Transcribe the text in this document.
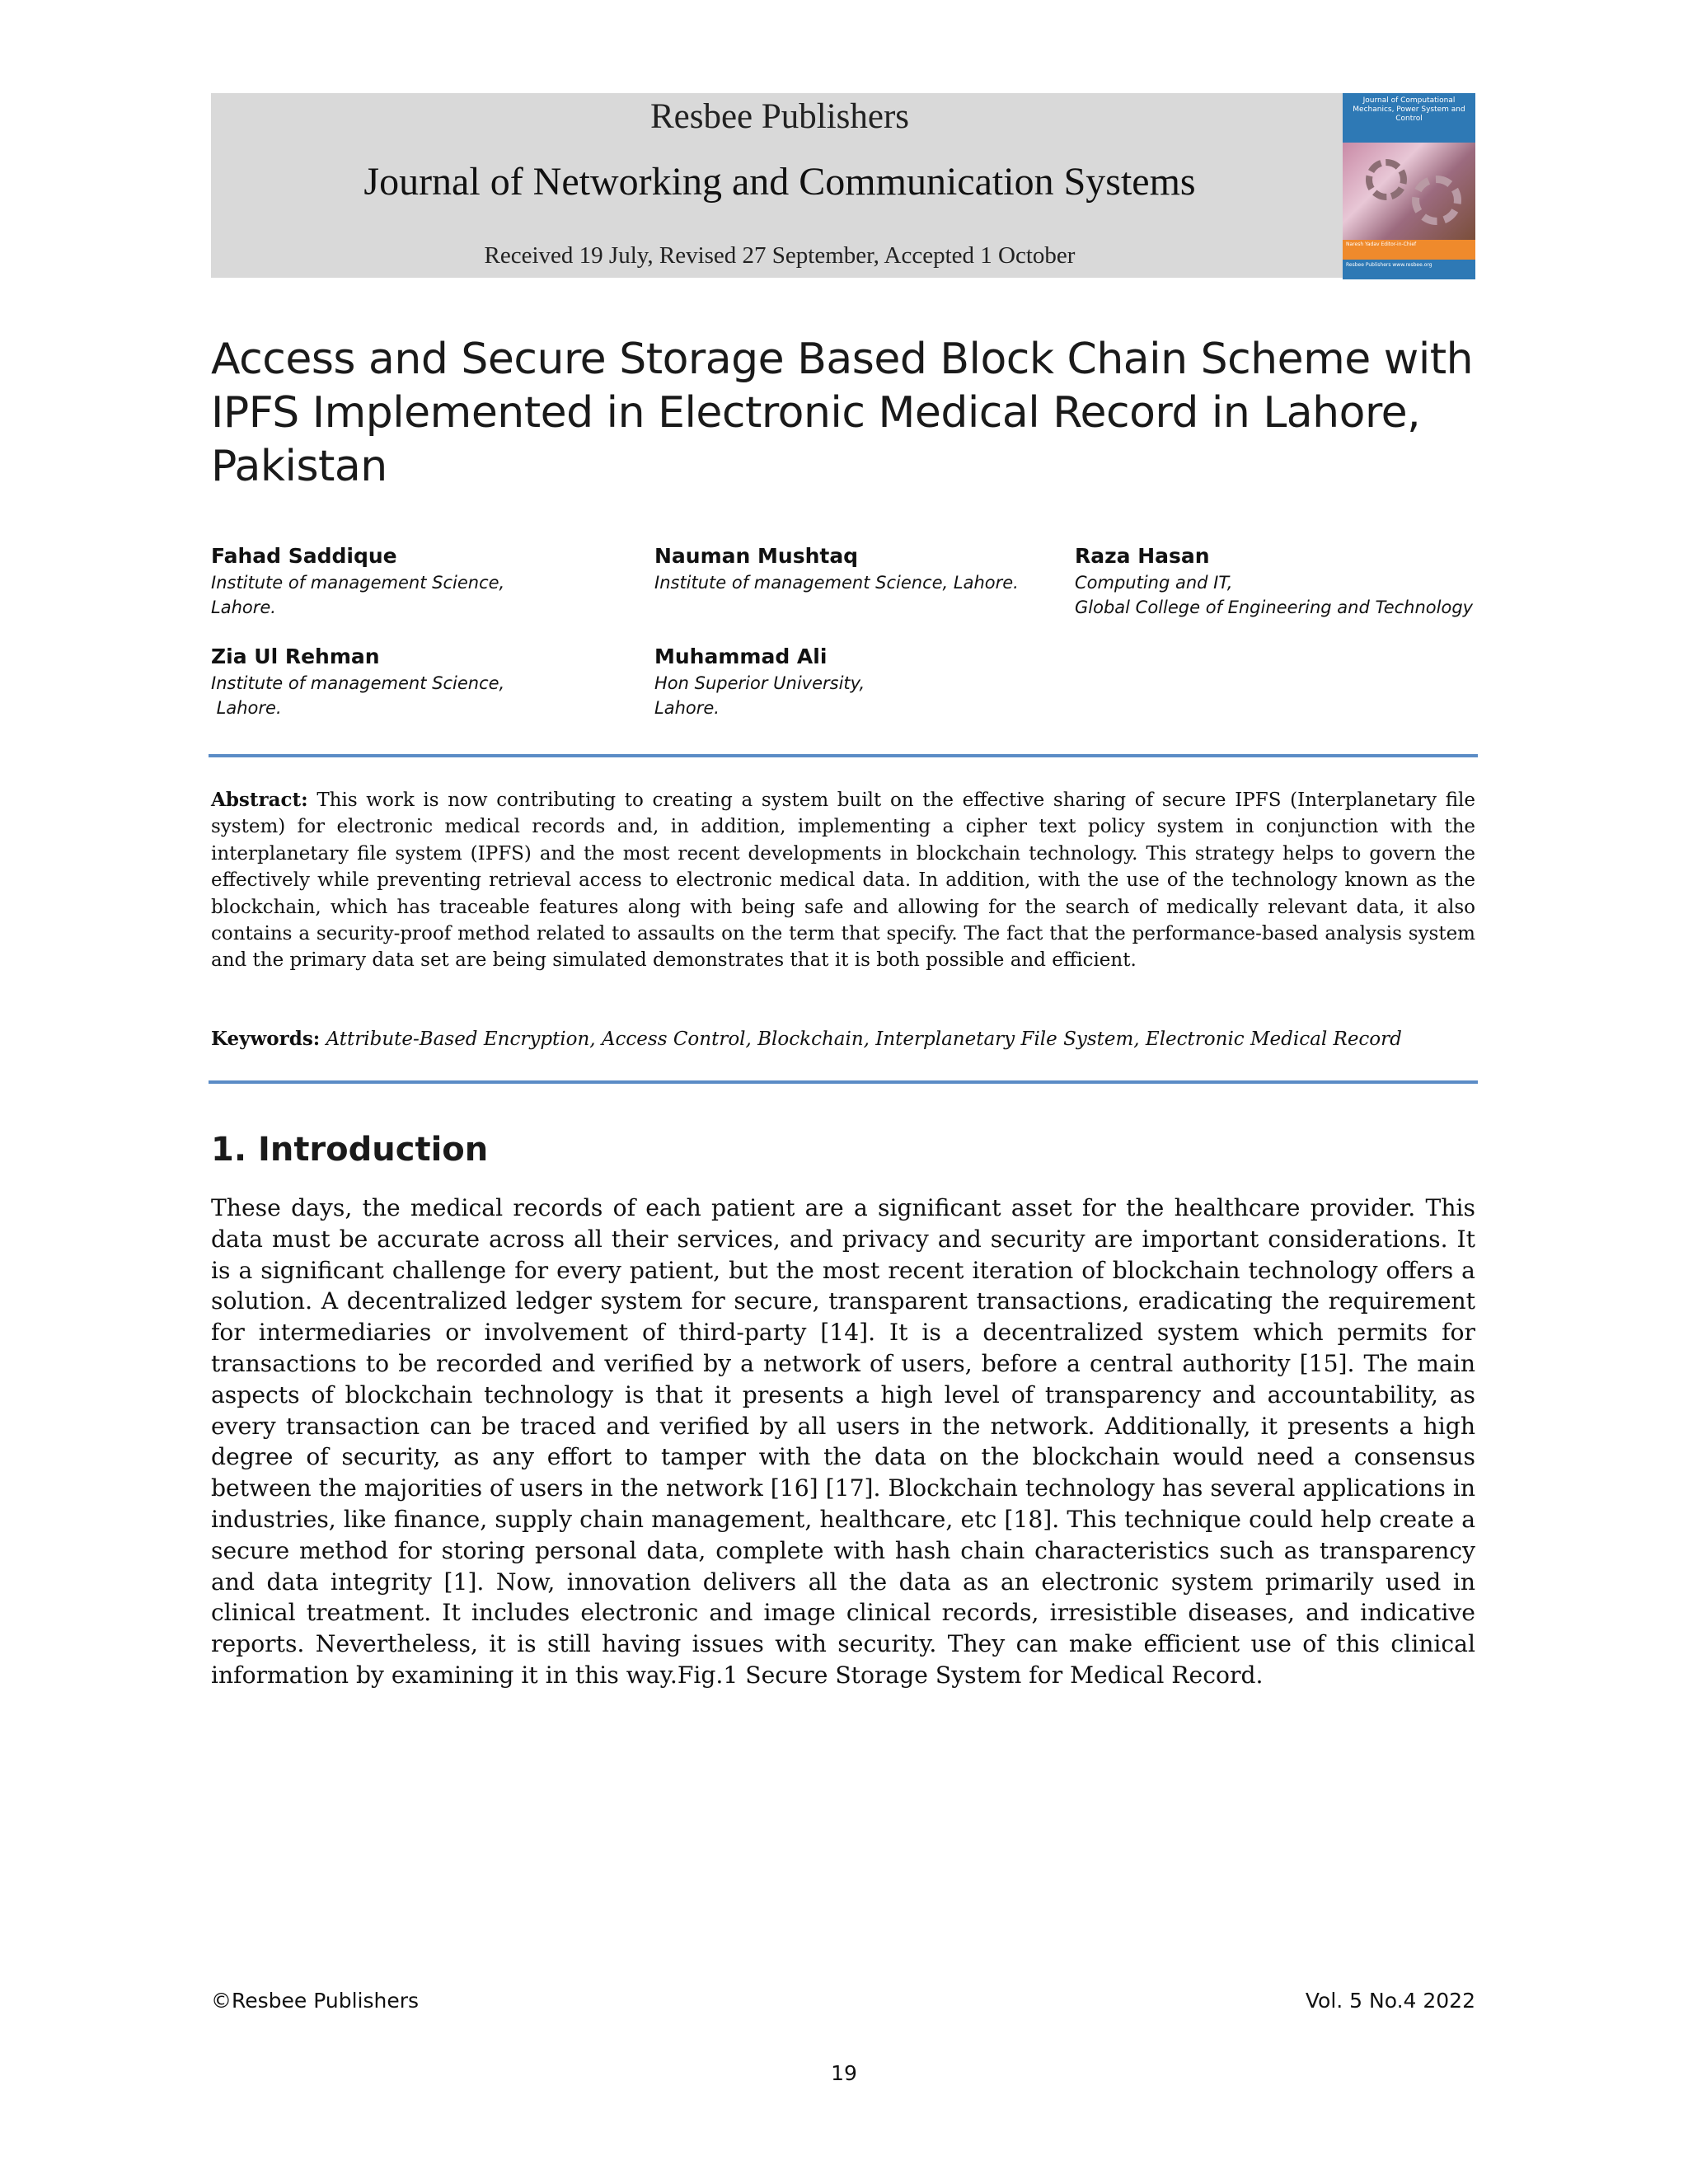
Resbee Publishers
Journal of Networking and Communication Systems
Received 19 July, Revised 27 September, Accepted 1 October
Journal of Computational Mechanics, Power System and Control
Naresh Yadav Editor-in-Chief
Resbee Publishers www.resbee.org
Access and Secure Storage Based Block Chain Scheme with IPFS Implemented in Electronic Medical Record in Lahore, Pakistan
Fahad Saddique
Institute of management Science,
Lahore.
Nauman Mushtaq
Institute of management Science, Lahore.
Raza Hasan
Computing and IT,
Global College of Engineering and Technology
Zia Ul Rehman
Institute of management Science,
Lahore.
Muhammad Ali
Hon Superior University,
Lahore.
Abstract: This work is now contributing to creating a system built on the effective sharing of secure IPFS (Interplanetary file system) for electronic medical records and, in addition, implementing a cipher text policy system in conjunction with the interplanetary file system (IPFS) and the most recent developments in blockchain technology. This strategy helps to govern the effectively while preventing retrieval access to electronic medical data. In addition, with the use of the technology known as the blockchain, which has traceable features along with being safe and allowing for the search of medically relevant data, it also contains a security-proof method related to assaults on the term that specify. The fact that the performance-based analysis system and the primary data set are being simulated demonstrates that it is both possible and efficient.
Keywords: Attribute-Based Encryption, Access Control, Blockchain, Interplanetary File System, Electronic Medical Record
1. Introduction
These days, the medical records of each patient are a significant asset for the healthcare provider. This data must be accurate across all their services, and privacy and security are important considerations. It is a significant challenge for every patient, but the most recent iteration of blockchain technology offers a solution. A decentralized ledger system for secure, transparent transactions, eradicating the requirement for intermediaries or involvement of third-party [14]. It is a decentralized system which permits for transactions to be recorded and verified by a network of users, before a central authority [15]. The main aspects of blockchain technology is that it presents a high level of transparency and accountability, as every transaction can be traced and verified by all users in the network. Additionally, it presents a high degree of security, as any effort to tamper with the data on the blockchain would need a consensus between the majorities of users in the network [16] [17]. Blockchain technology has several applications in industries, like finance, supply chain management, healthcare, etc [18]. This technique could help create a secure method for storing personal data, complete with hash chain characteristics such as transparency and data integrity [1]. Now, innovation delivers all the data as an electronic system primarily used in clinical treatment. It includes electronic and image clinical records, irresistible diseases, and indicative reports. Nevertheless, it is still having issues with security. They can make efficient use of this clinical information by examining it in this way.Fig.1 Secure Storage System for Medical Record.
©Resbee Publishers	Vol. 5 No.4 2022
19
